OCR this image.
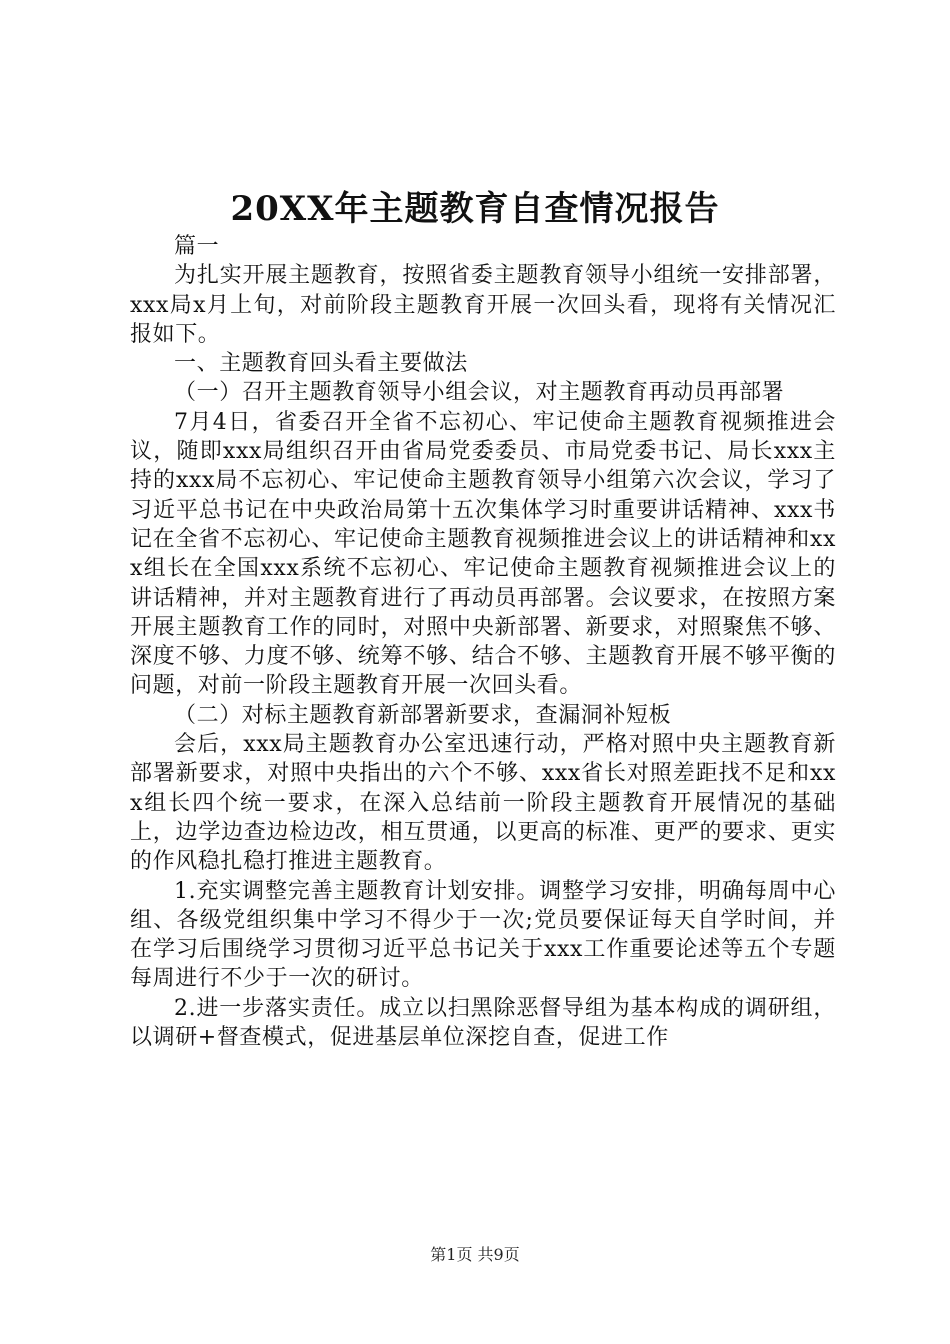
20XX年主题教育自查情况报告

篇一

为扎实开展主题教育，按照省委主题教育领导小组统一安排部署，xxx局x月上旬，对前阶段主题教育开展一次回头看，现将有关情况汇报如下。

一、主题教育回头看主要做法

（一）召开主题教育领导小组会议，对主题教育再动员再部署

7月4日，省委召开全省不忘初心、牢记使命主题教育视频推进会议，随即xxx局组织召开由省局党委委员、市局党委书记、局长xxx主持的xxx局不忘初心、牢记使命主题教育领导小组第六次会议，学习了习近平总书记在中央政治局第十五次集体学习时重要讲话精神、xxx书记在全省不忘初心、牢记使命主题教育视频推进会议上的讲话精神和xxx组长在全国xxx系统不忘初心、牢记使命主题教育视频推进会议上的讲话精神，并对主题教育进行了再动员再部署。会议要求，在按照方案开展主题教育工作的同时，对照中央新部署、新要求，对照聚焦不够、深度不够、力度不够、统筹不够、结合不够、主题教育开展不够平衡的问题，对前一阶段主题教育开展一次回头看。

（二）对标主题教育新部署新要求，查漏洞补短板

会后，xxx局主题教育办公室迅速行动，严格对照中央主题教育新部署新要求，对照中央指出的六个不够、xxx省长对照差距找不足和xxx组长四个统一要求，在深入总结前一阶段主题教育开展情况的基础上，边学边查边检边改，相互贯通，以更高的标准、更严的要求、更实的作风稳扎稳打推进主题教育。

1.充实调整完善主题教育计划安排。调整学习安排，明确每周中心组、各级党组织集中学习不得少于一次;党员要保证每天自学时间，并在学习后围绕学习贯彻习近平总书记关于xxx工作重要论述等五个专题每周进行不少于一次的研讨。

2.进一步落实责任。成立以扫黑除恶督导组为基本构成的调研组，以调研+督查模式，促进基层单位深挖自查，促进工作

第1页 共9页
